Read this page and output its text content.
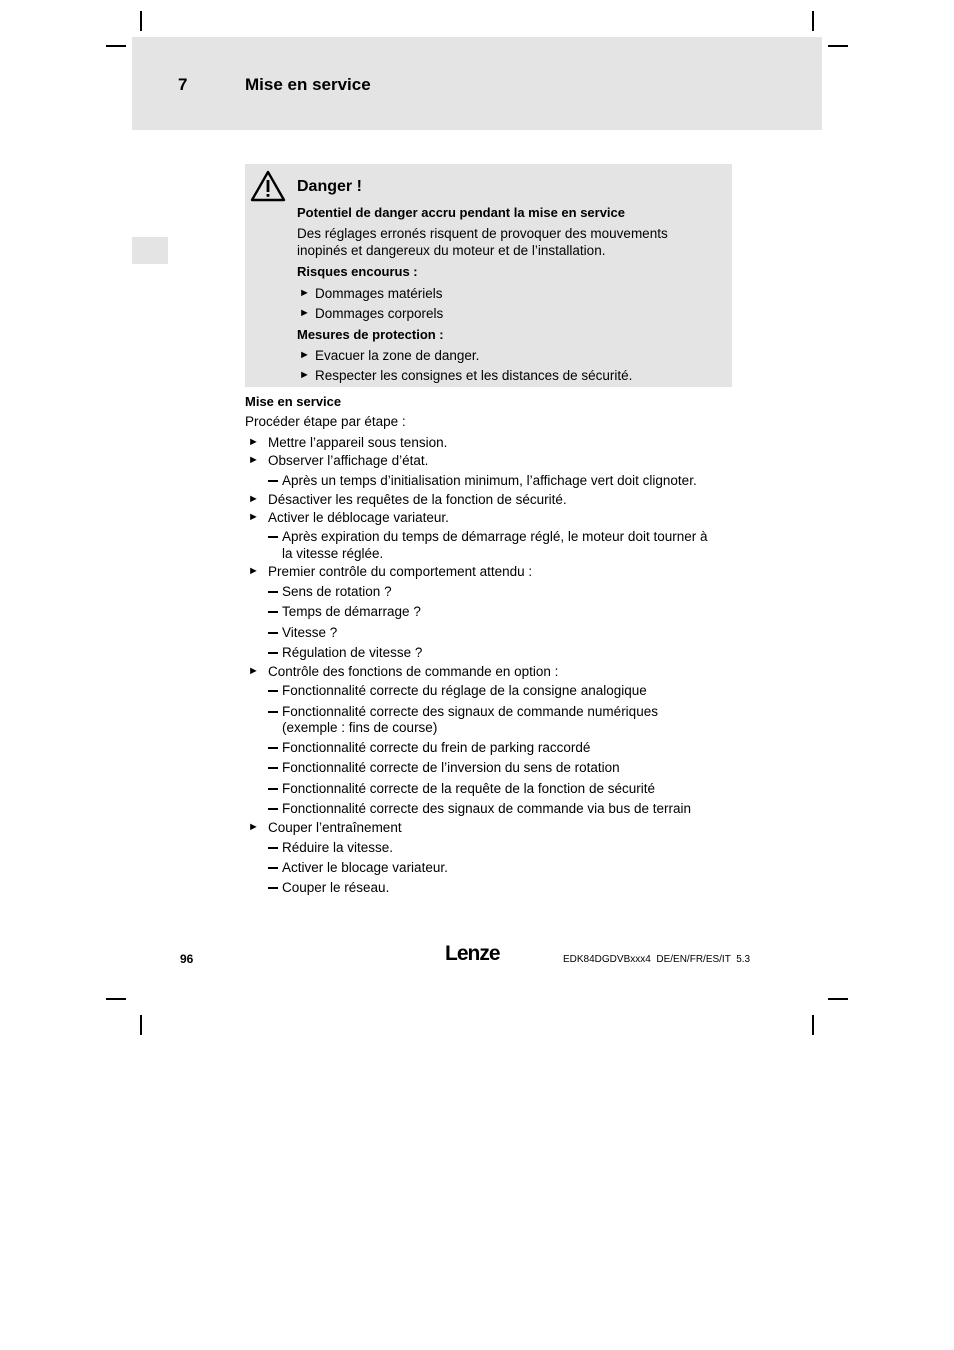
7	Mise en service
Danger !
Potentiel de danger accru pendant la mise en service
Des réglages erronés risquent de provoquer des mouvements
inopinés et dangereux du moteur et de l’installation.
Risques encourus :
► Dommages matériels
► Dommages corporels
Mesures de protection :
► Evacuer la zone de danger.
► Respecter les consignes et les distances de sécurité.
Mise en service
Procéder étape par étape :
► Mettre l’appareil sous tension.
► Observer l’affichage d’état.
Après un temps d’initialisation minimum, l’affichage vert doit clignoter.
► Désactiver les requêtes de la fonction de sécurité.
► Activer le déblocage variateur.
Après expiration du temps de démarrage réglé, le moteur doit tourner à
la vitesse réglée.
► Premier contrôle du comportement attendu :
Sens de rotation ?
Temps de démarrage ?
Vitesse ?
Régulation de vitesse ?
► Contrôle des fonctions de commande en option :
Fonctionnalité correcte du réglage de la consigne analogique
Fonctionnalité correcte des signaux de commande numériques
(exemple : fins de course)
Fonctionnalité correcte du frein de parking raccordé
Fonctionnalité correcte de l’inversion du sens de rotation
Fonctionnalité correcte de la requête de la fonction de sécurité
Fonctionnalité correcte des signaux de commande via bus de terrain
► Couper l’entraînement
Réduire la vitesse.
Activer le blocage variateur.
Couper le réseau.
96	Lenze	EDK84DGDVBxxx4  DE/EN/FR/ES/IT  5.3
